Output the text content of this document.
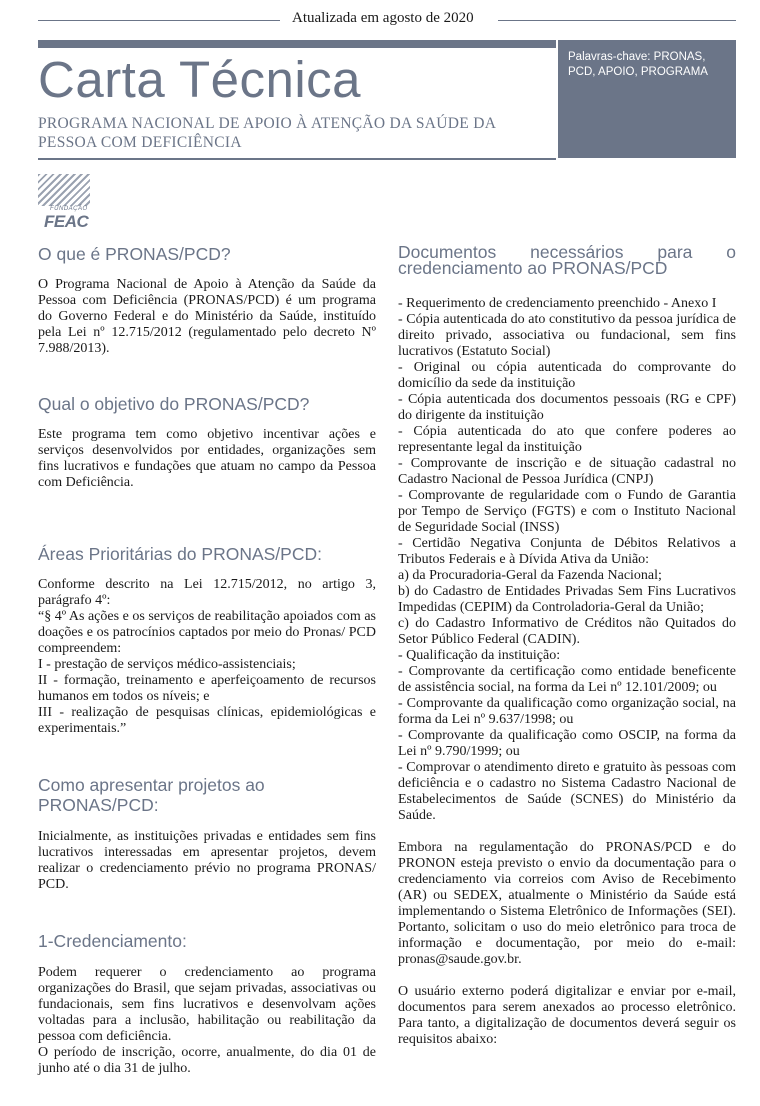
Atualizada em agosto de 2020
Carta Técnica
PROGRAMA NACIONAL DE APOIO À ATENÇÃO DA SAÚDE DA PESSOA COM DEFICIÊNCIA
Palavras-chave: PRONAS, PCD, APOIO, PROGRAMA
FUNDAÇÃO
FEAC
O que é PRONAS/PCD?

O Programa Nacional de Apoio à Atenção da Saúde da Pessoa com Deficiência (PRONAS/PCD) é um programa do Governo Federal e do Ministério da Saúde, instituído pela Lei nº 12.715/2012 (regulamentado pelo decreto Nº 7.988/2013).

Qual o objetivo do PRONAS/PCD?

Este programa tem como objetivo incentivar ações e serviços desenvolvidos por entidades, organizações sem fins lucrativos e fundações que atuam no campo da Pessoa com Deficiência.

Áreas Prioritárias do PRONAS/PCD:

Conforme descrito na Lei 12.715/2012, no artigo 3, parágrafo 4º:

“§ 4º As ações e os serviços de reabilitação apoiados com as doações e os patrocínios captados por meio do Pronas/ PCD compreendem:

I - prestação de serviços médico-assistenciais;

II - formação, treinamento e aperfeiçoamento de recursos humanos em todos os níveis; e

III - realização de pesquisas clínicas, epidemiológicas e experimentais.”

Como apresentar projetos ao PRONAS/PCD:

Inicialmente, as instituições privadas e entidades sem fins lucrativos interessadas em apresentar projetos, devem realizar o credenciamento prévio no programa PRONAS/ PCD.

1-Credenciamento:

Podem requerer o credenciamento ao programa organizações do Brasil, que sejam privadas, associativas ou fundacionais, sem fins lucrativos e desenvolvam ações voltadas para a inclusão, habilitação ou reabilitação da pessoa com deficiência.

O período de inscrição, ocorre, anualmente, do dia 01 de junho até o dia 31 de julho.

Documentos necessários para o credenciamento ao PRONAS/PCD
- Requerimento de credenciamento preenchido - Anexo I
- Cópia autenticada do ato constitutivo da pessoa jurídica de direito privado, associativa ou fundacional, sem fins lucrativos (Estatuto Social)
- Original ou cópia autenticada do comprovante do domicílio da sede da instituição
- Cópia autenticada dos documentos pessoais (RG e CPF) do dirigente da instituição
- Cópia autenticada do ato que confere poderes ao representante legal da instituição
- Comprovante de inscrição e de situação cadastral no Cadastro Nacional de Pessoa Jurídica (CNPJ)
- Comprovante de regularidade com o Fundo de Garantia por Tempo de Serviço (FGTS) e com o Instituto Nacional de Seguridade Social (INSS)
- Certidão Negativa Conjunta de Débitos Relativos a Tributos Federais e à Dívida Ativa da União:
a) da Procuradoria-Geral da Fazenda Nacional;
b) do Cadastro de Entidades Privadas Sem Fins Lucrativos Impedidas (CEPIM) da Controladoria-Geral da União;
c) do Cadastro Informativo de Créditos não Quitados do Setor Público Federal (CADIN).
- Qualificação da instituição:
- Comprovante da certificação como entidade beneficente de assistência social, na forma da Lei nº 12.101/2009; ou
- Comprovante da qualificação como organização social, na forma da Lei nº 9.637/1998; ou
- Comprovante da qualificação como OSCIP, na forma da Lei nº 9.790/1999; ou
- Comprovar o atendimento direto e gratuito às pessoas com deficiência e o cadastro no Sistema Cadastro Nacional de Estabelecimentos de Saúde (SCNES) do Ministério da Saúde.

Embora na regulamentação do PRONAS/PCD e do PRONON esteja previsto o envio da documentação para o credenciamento via correios com Aviso de Recebimento (AR) ou SEDEX, atualmente o Ministério da Saúde está implementando o Sistema Eletrônico de Informações (SEI). Portanto, solicitam o uso do meio eletrônico para troca de informação e documentação, por meio do e-mail: pronas@saude.gov.br.

O usuário externo poderá digitalizar e enviar por e-mail, documentos para serem anexados ao processo eletrônico. Para tanto, a digitalização de documentos deverá seguir os requisitos abaixo:
